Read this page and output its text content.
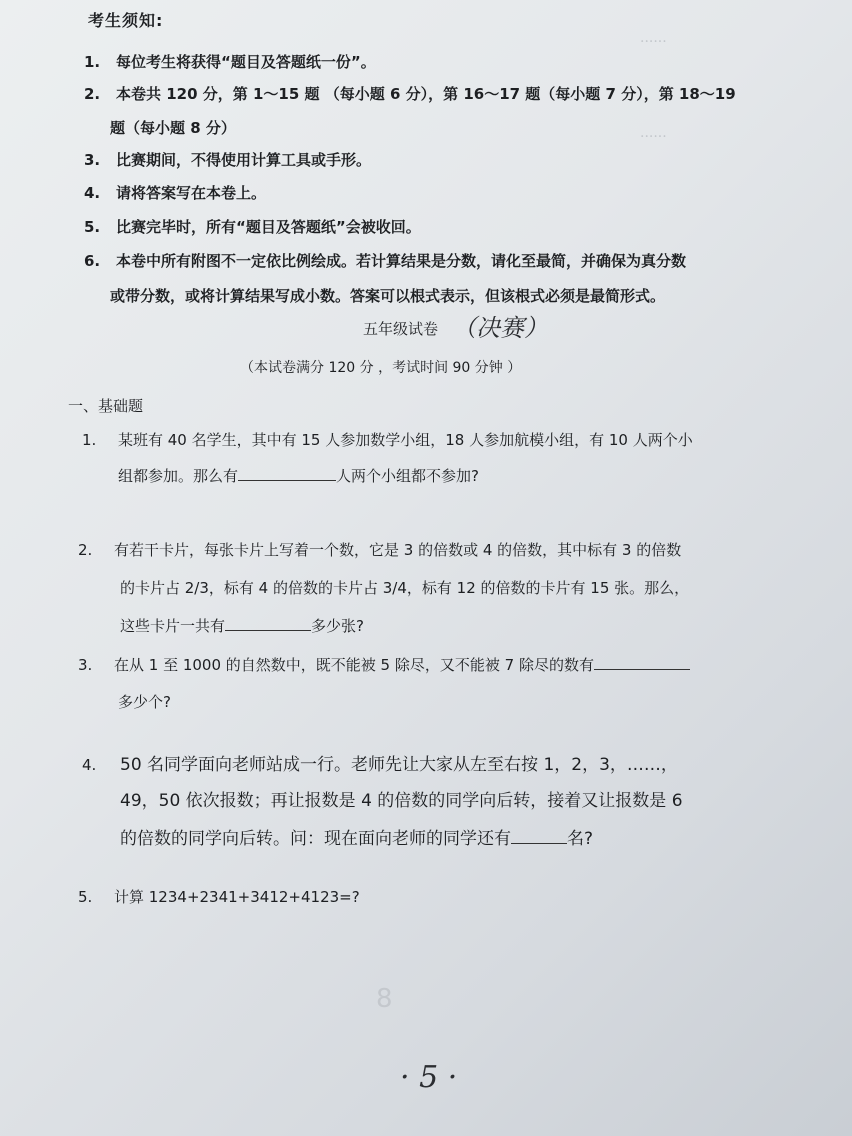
......
......
考生须知:
1. 每位考生将获得“题目及答题纸一份”。
2. 本卷共 120 分，第 1～15 题 （每小题 6 分），第 16～17 题（每小题 7 分），第 18～19
题（每小题 8 分）
3. 比赛期间，不得使用计算工具或手形。
4. 请将答案写在本卷上。
5. 比赛完毕时，所有“题目及答题纸”会被收回。
6. 本卷中所有附图不一定依比例绘成。若计算结果是分数，请化至最简，并确保为真分数
或带分数，或将计算结果写成小数。答案可以根式表示，但该根式必须是最简形式。
五年级试卷 （决赛）
（本试卷满分 120 分 ，考试时间 90 分钟 ）
一、基础题
1. 某班有 40 名学生，其中有 15 人参加数学小组，18 人参加航模小组，有 10 人两个小
组都参加。那么有	人两个小组都不参加?
2. 有若干卡片，每张卡片上写着一个数，它是 3 的倍数或 4 的倍数，其中标有 3 的倍数
的卡片占 2/3，标有 4 的倍数的卡片占 3/4，标有 12 的倍数的卡片有 15 张。那么，
这些卡片一共有	多少张?
3. 在从 1 至 1000 的自然数中，既不能被 5 除尽，又不能被 7 除尽的数有
多少个?
4. 50 名同学面向老师站成一行。老师先让大家从左至右按 1，2，3，……，
49，50 依次报数；再让报数是 4 的倍数的同学向后转，接着又让报数是 6
的倍数的同学向后转。问：现在面向老师的同学还有	名?
5. 计算 1234+2341+3412+4123=?
8
· 5 ·
